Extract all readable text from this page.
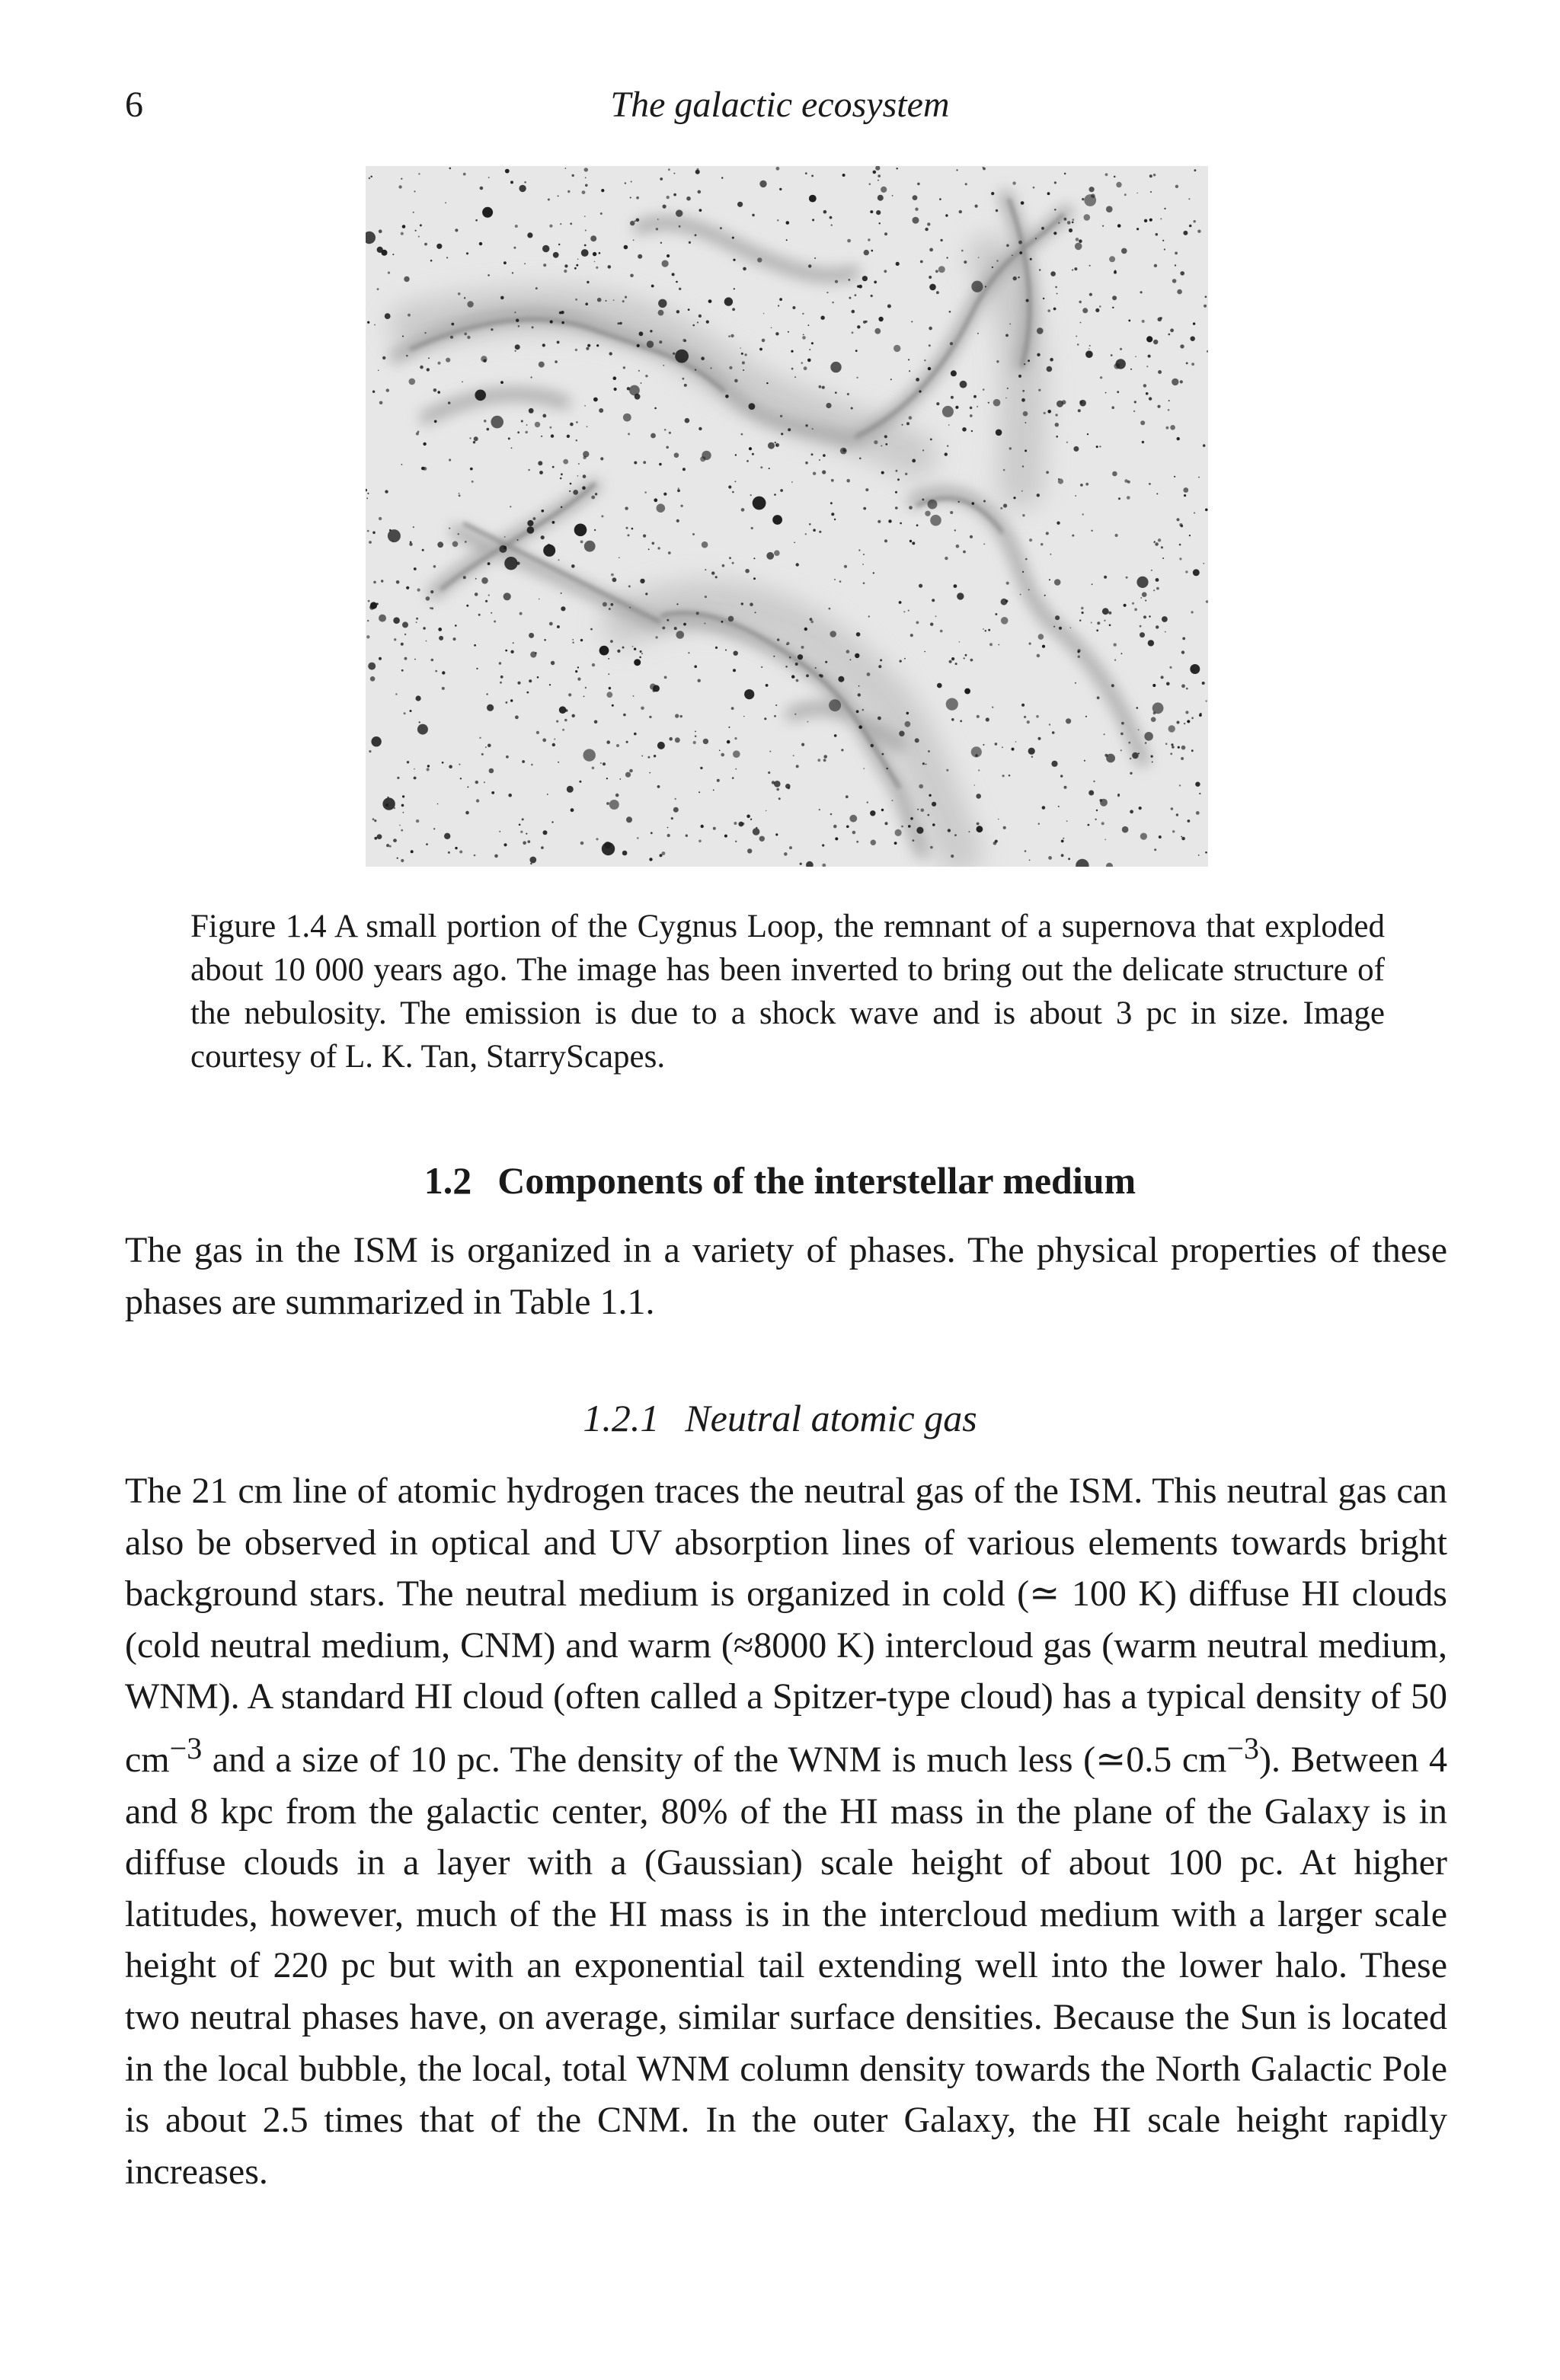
6	The galactic ecosystem
Figure 1.4 A small portion of the Cygnus Loop, the remnant of a supernova that exploded about 10 000 years ago. The image has been inverted to bring out the delicate structure of the nebulosity. The emission is due to a shock wave and is about 3 pc in size. Image courtesy of L. K. Tan, StarryScapes.
1.2 Components of the interstellar medium

The gas in the ISM is organized in a variety of phases. The physical properties of these phases are summarized in Table 1.1.

1.2.1 Neutral atomic gas

The 21 cm line of atomic hydrogen traces the neutral gas of the ISM. This neutral gas can also be observed in optical and UV absorption lines of various elements towards bright background stars. The neutral medium is organized in cold (≃ 100 K) diffuse HI clouds (cold neutral medium, CNM) and warm (≈8000 K) intercloud gas (warm neutral medium, WNM). A standard HI cloud (often called a Spitzer-type cloud) has a typical density of 50 $cm^{-3}$ and a size of 10 pc. The density of the WNM is much less (≃0.5 $cm^{-3}$). Between 4 and 8 kpc from the galactic center, 80% of the HI mass in the plane of the Galaxy is in diffuse clouds in a layer with a (Gaussian) scale height of about 100 pc. At higher latitudes, however, much of the HI mass is in the intercloud medium with a larger scale height of 220 pc but with an exponential tail extending well into the lower halo. These two neutral phases have, on average, similar surface densities. Because the Sun is located in the local bubble, the local, total WNM column density towards the North Galactic Pole is about 2.5 times that of the CNM. In the outer Galaxy, the HI scale height rapidly increases.
